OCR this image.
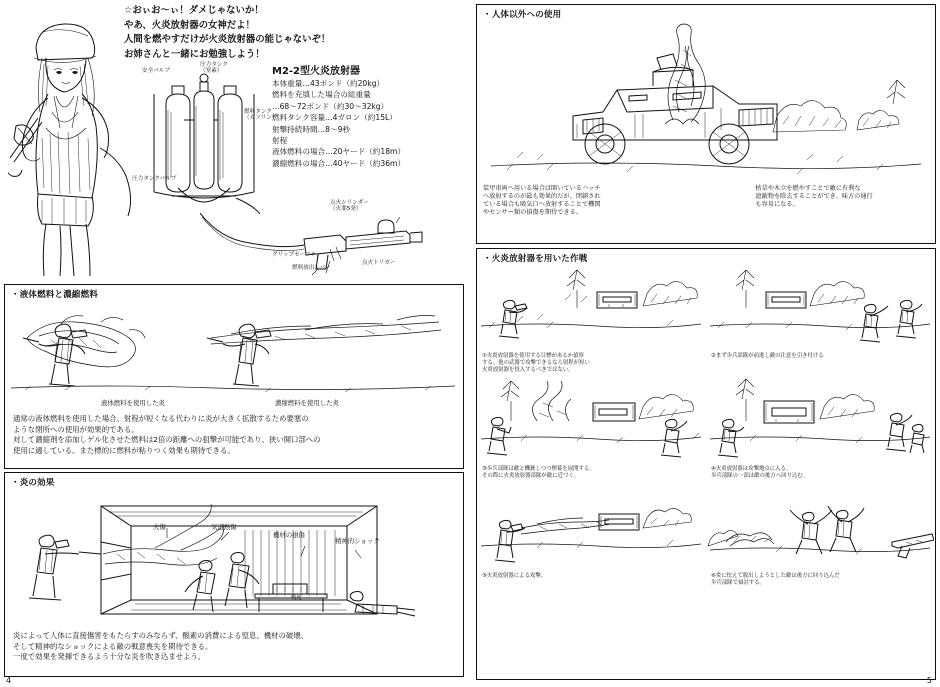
☆おぃお～ぃ！ダメじゃないか！
やあ、火炎放射器の女神だよ！
人間を燃やすだけが火炎放射器の能じゃないぞ！
お姉さんと一緒にお勉強しよう！
M2-2型火炎放射器
本体重量…43ポンド（約20kg）
燃料を充填した場合の総重量
…68～72ポンド（約30～32kg）
燃料タンク容量…4ガロン（約15L）
射撃持続時間…8～9秒
射程
液体燃料の場合…20ヤード（約18m）
濃縮燃料の場合…40ヤード（約36m）
安全バルブ
圧力タンク
（窒素）
燃料タンク
（ガソリン）
圧力タンクバルブ
点火シリンダー
（火薬5発）
グリップセーフティ
燃料放出レバー
点火トリガー
・ 液体燃料と濃縮燃料
液体燃料を使用した炎	濃縮燃料を使用した炎
通常の液体燃料を使用した場合、射程が短くなる代わりに炎が大きく拡散するため要塞の
ような閉所への使用が効果的である。
対して濃縮剤を添加しゲル化させた燃料は2倍の距離への狙撃が可能であり、狭い開口部への
使用に適している。また標的に燃料が粘りつく効果も期待できる。
・ 炎の効果
火傷	気道熱傷
機材の損傷
精神的ショック
戦死
炎によって人体に直接傷害をもたらすのみならず、酸素の消費による窒息、機材の破壊、
そして精神的なショックによる敵の戦意喪失を期待できる。
一度で効果を発揮できるよう十分な炎を吹き込ませよう。
4
・ 人体以外への使用
装甲車両へ用いる場合は開いているハッチ
へ放射するのが最も効果的だが、閉鎖され
ている場合も吸気口へ放射することで機関
やセンサー類の損傷を期待できる。
枯草や木立を燃やすことで敵に有利な
遮蔽物を除去することができ、味方の通行
も容易になる。
・ 火炎放射器を用いた作戦
①火炎放射器を使用する目標があるか偵察
する。他の武器で攻撃できるなら射程が短い
火炎放射器を投入するべきではない。
②まず歩兵部隊が前進し敵の注意を引き付ける
③歩兵部隊は敵と機銃しつつ煙幕を展開する。
その際に火炎放射器部隊が敵に近づく。
④火炎放射器は攻撃地点に入る。
歩兵部隊の一部は敵の後方へ回り込む。
⑤火炎放射器による攻撃。	⑥炎に怯えて脱出しようとした敵は後方に回り込んだ
歩兵部隊で掃討する。
5
